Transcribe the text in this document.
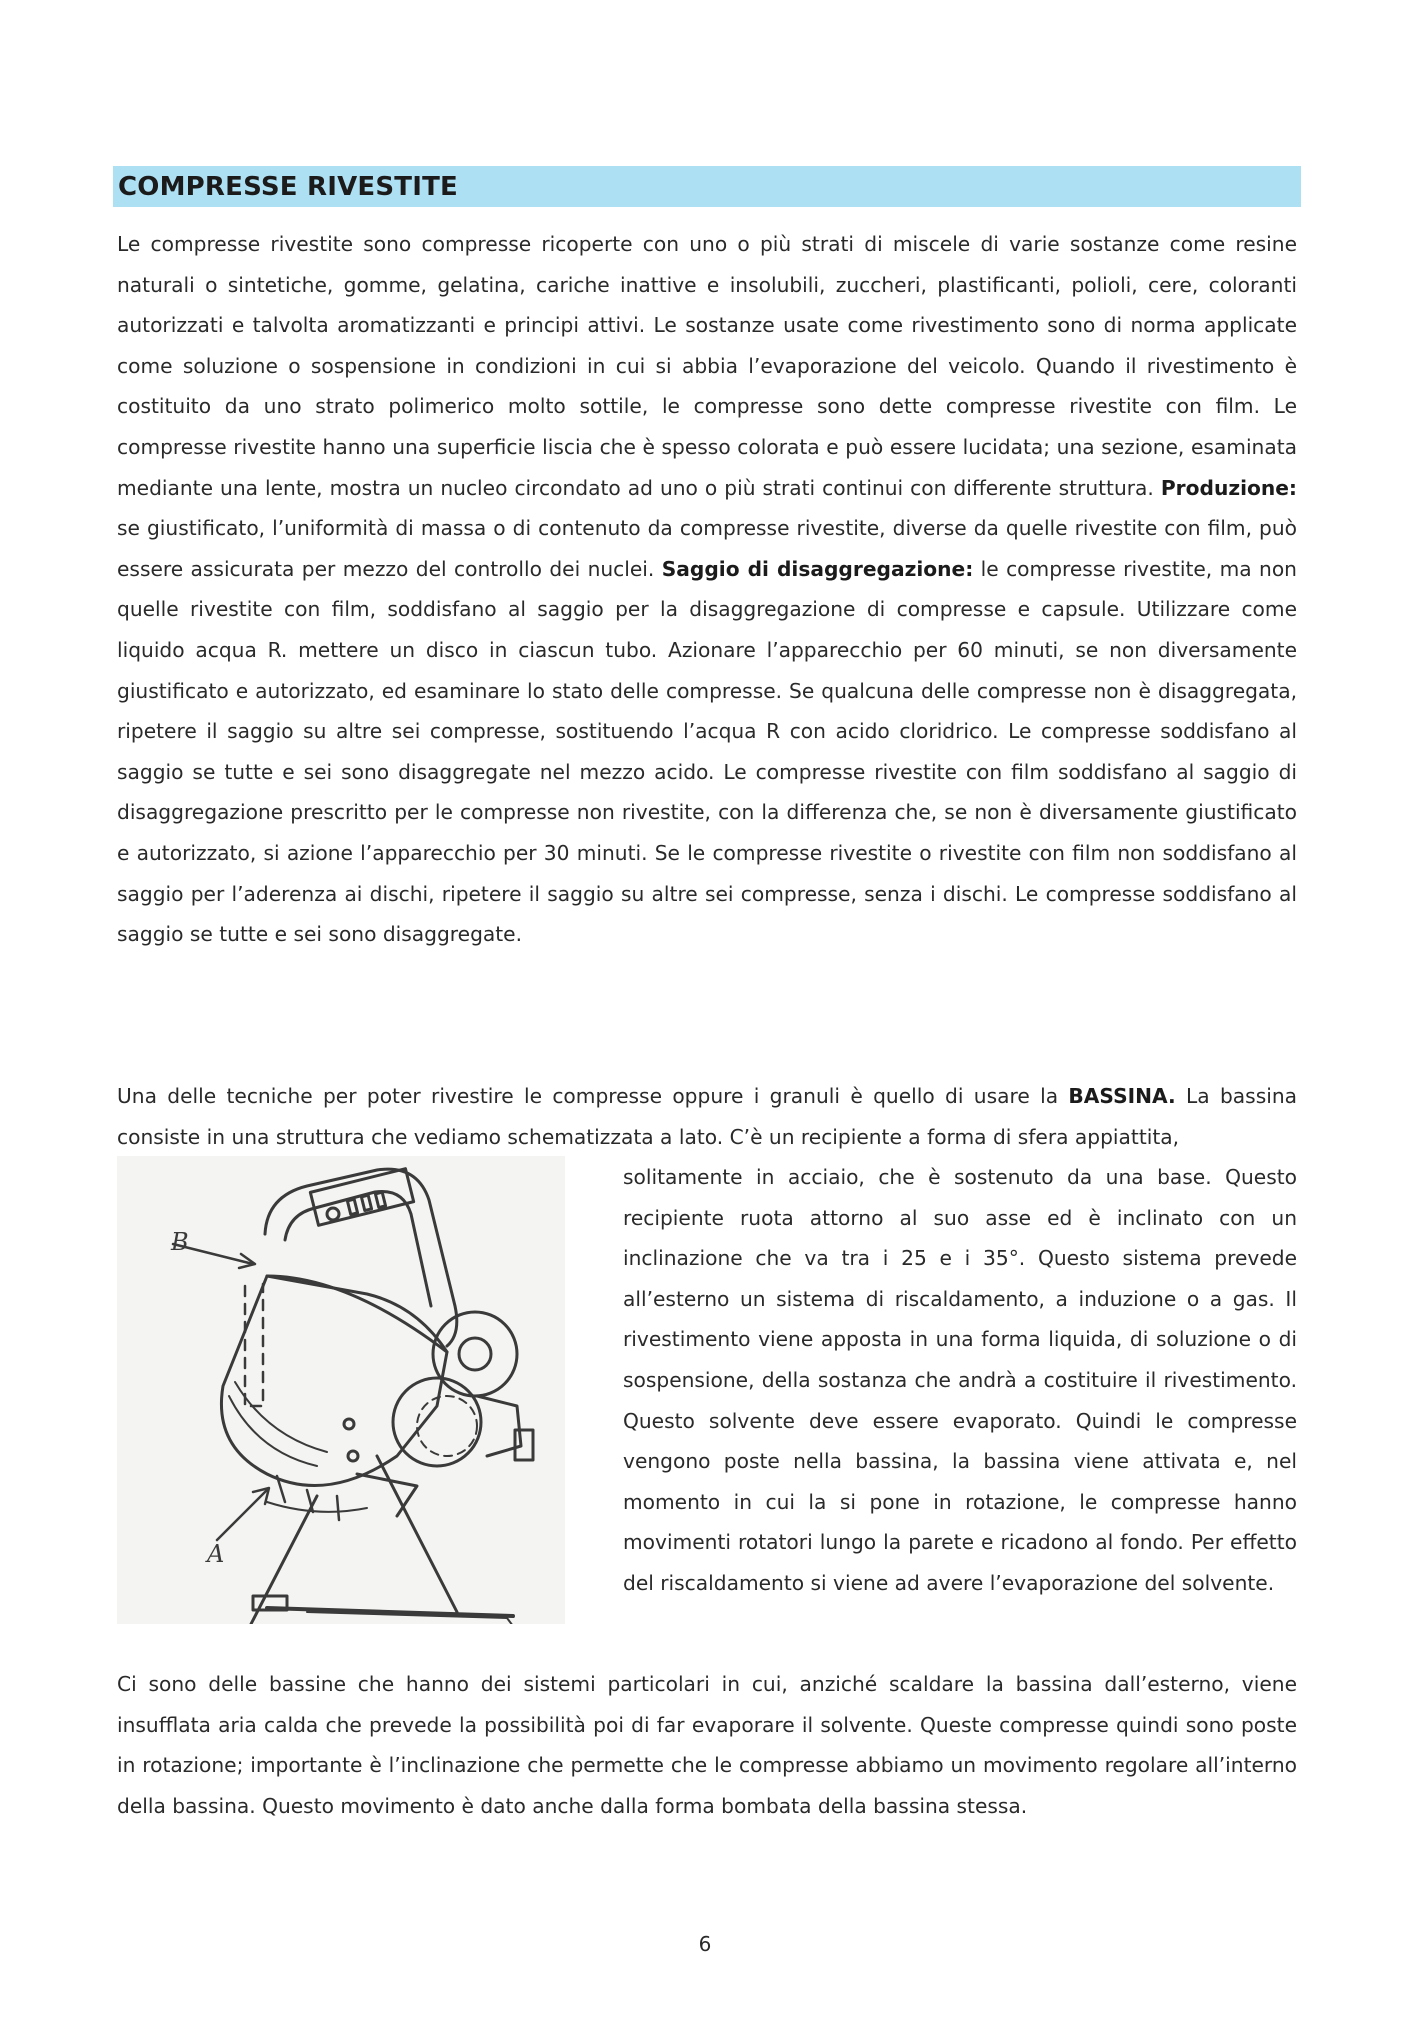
COMPRESSE RIVESTITE

Le compresse rivestite sono compresse ricoperte con uno o più strati di miscele di varie sostanze come resine naturali o sintetiche, gomme, gelatina, cariche inattive e insolubili, zuccheri, plastificanti, polioli, cere, coloranti autorizzati e talvolta aromatizzanti e principi attivi. Le sostanze usate come rivestimento sono di norma applicate come soluzione o sospensione in condizioni in cui si abbia l’evaporazione del veicolo. Quando il rivestimento è costituito da uno strato polimerico molto sottile, le compresse sono dette compresse rivestite con film. Le compresse rivestite hanno una superficie liscia che è spesso colorata e può essere lucidata; una sezione, esaminata mediante una lente, mostra un nucleo circondato ad uno o più strati continui con differente struttura. Produzione: se giustificato, l’uniformità di massa o di contenuto da compresse rivestite, diverse da quelle rivestite con film, può essere assicurata per mezzo del controllo dei nuclei. Saggio di disaggregazione: le compresse rivestite, ma non quelle rivestite con film, soddisfano al saggio per la disaggregazione di compresse e capsule. Utilizzare come liquido acqua R. mettere un disco in ciascun tubo. Azionare l’apparecchio per 60 minuti, se non diversamente giustificato e autorizzato, ed esaminare lo stato delle compresse. Se qualcuna delle compresse non è disaggregata, ripetere il saggio su altre sei compresse, sostituendo l’acqua R con acido cloridrico. Le compresse soddisfano al saggio se tutte e sei sono disaggregate nel mezzo acido. Le compresse rivestite con film soddisfano al saggio di disaggregazione prescritto per le compresse non rivestite, con la differenza che, se non è diversamente giustificato e autorizzato, si azione l’apparecchio per 30 minuti. Se le compresse rivestite o rivestite con film non soddisfano al saggio per l’aderenza ai dischi, ripetere il saggio su altre sei compresse, senza i dischi. Le compresse soddisfano al saggio se tutte e sei sono disaggregate.

Una delle tecniche per poter rivestire le compresse oppure i granuli è quello di usare la BASSINA. La bassina consiste in una struttura che vediamo schematizzata a lato. C’è un recipiente a forma di sfera appiattita,

B
A

solitamente in acciaio, che è sostenuto da una base. Questo recipiente ruota attorno al suo asse ed è inclinato con un inclinazione che va tra i 25 e i 35°. Questo sistema prevede all’esterno un sistema di riscaldamento, a induzione o a gas. Il rivestimento viene apposta in una forma liquida, di soluzione o di sospensione, della sostanza che andrà a costituire il rivestimento. Questo solvente deve essere evaporato. Quindi le compresse vengono poste nella bassina, la bassina viene attivata e, nel momento in cui la si pone in rotazione, le compresse hanno movimenti rotatori lungo la parete e ricadono al fondo. Per effetto del riscaldamento si viene ad avere l’evaporazione del solvente.

Ci sono delle bassine che hanno dei sistemi particolari in cui, anziché scaldare la bassina dall’esterno, viene insufflata aria calda che prevede la possibilità poi di far evaporare il solvente. Queste compresse quindi sono poste in rotazione; importante è l’inclinazione che permette che le compresse abbiamo un movimento regolare all’interno della bassina. Questo movimento è dato anche dalla forma bombata della bassina stessa.

6
